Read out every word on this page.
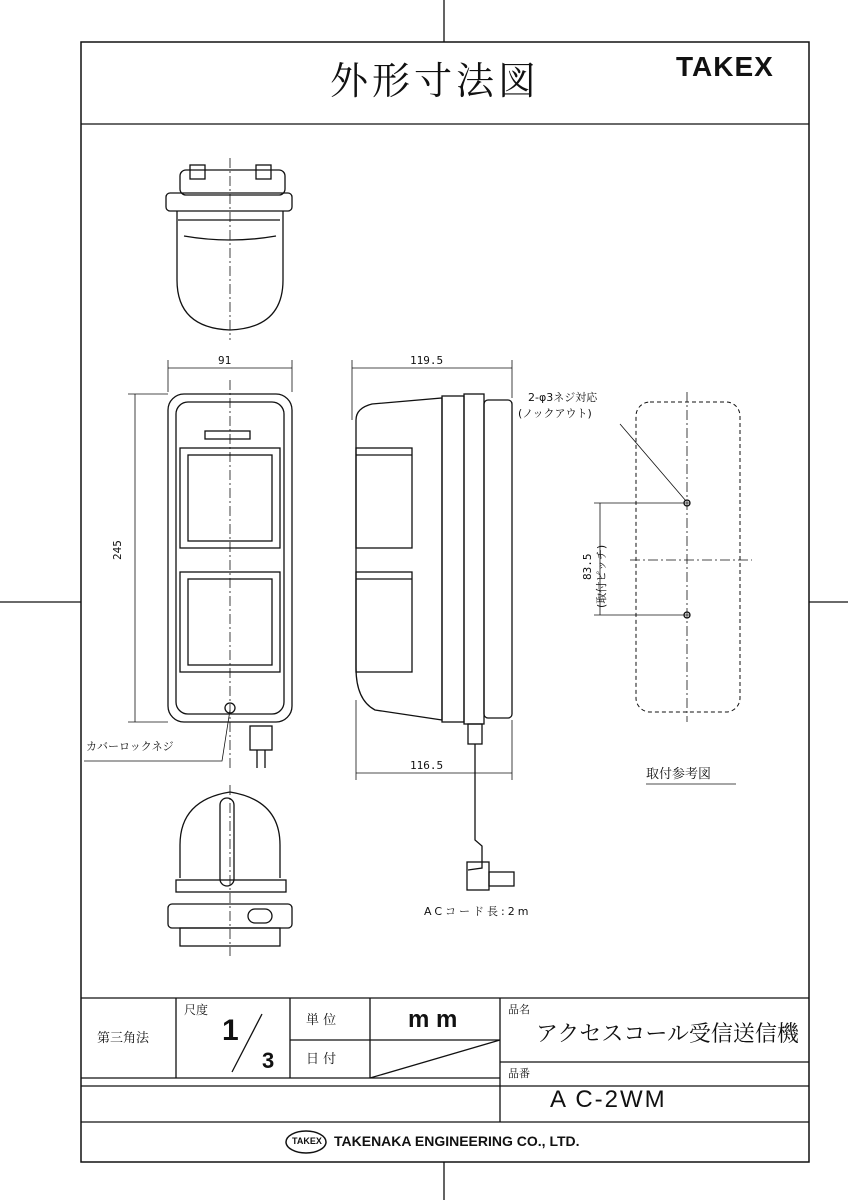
外形寸法図	TAKEX
91	119.5
245
116.5
83.5 (取付ピッチ)
2-φ3ネジ対応
(ノックアウト)
カバーロックネジ
ACコード長:2m
取付参考図
第三角法
尺度
1
3
単 位	m m
日 付
品名
アクセスコール受信送信機
品番
A C-2WM
TAKEX TAKENAKA ENGINEERING CO., LTD.
